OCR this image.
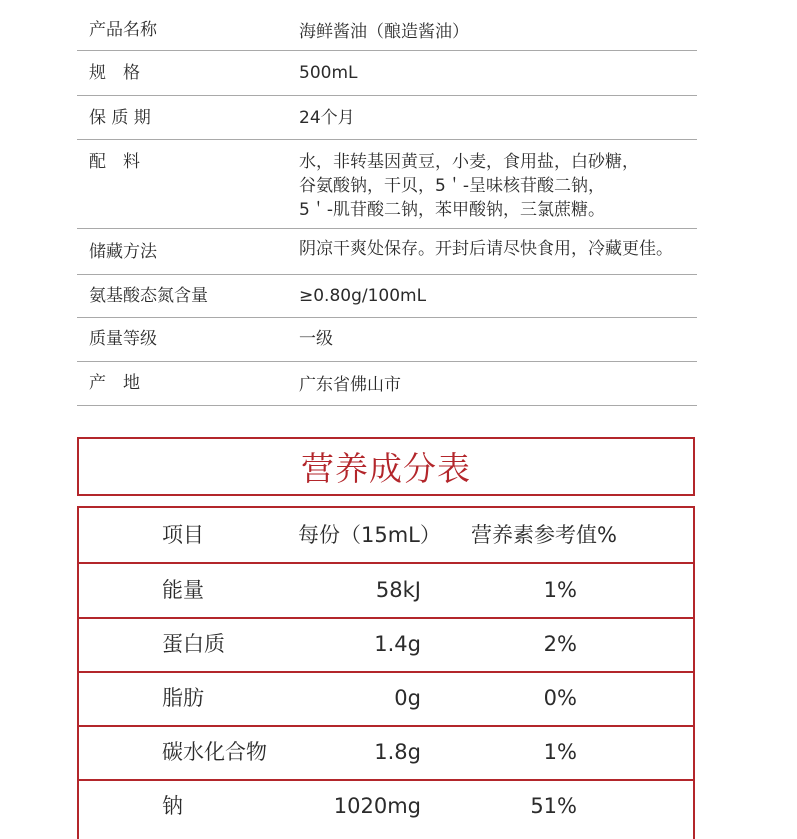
产品名称	海鲜酱油（酿造酱油）
规　格	500mL
保 质 期	24个月
配　料	水，非转基因黄豆，小麦，食用盐，白砂糖，
谷氨酸钠，干贝，5＇-呈味核苷酸二钠，
5＇-肌苷酸二钠，苯甲酸钠，三氯蔗糖。
储藏方法	阴凉干爽处保存。开封后请尽快食用，冷藏更佳。
氨基酸态氮含量	≥0.80g/100mL
质量等级	一级
产　地	广东省佛山市
营养成分表
项目	每份（15mL） 营养素参考值%
能量	58kJ	1%
蛋白质	1.4g	2%
脂肪	0g	0%
碳水化合物	1.8g	1%
钠	1020mg	51%
